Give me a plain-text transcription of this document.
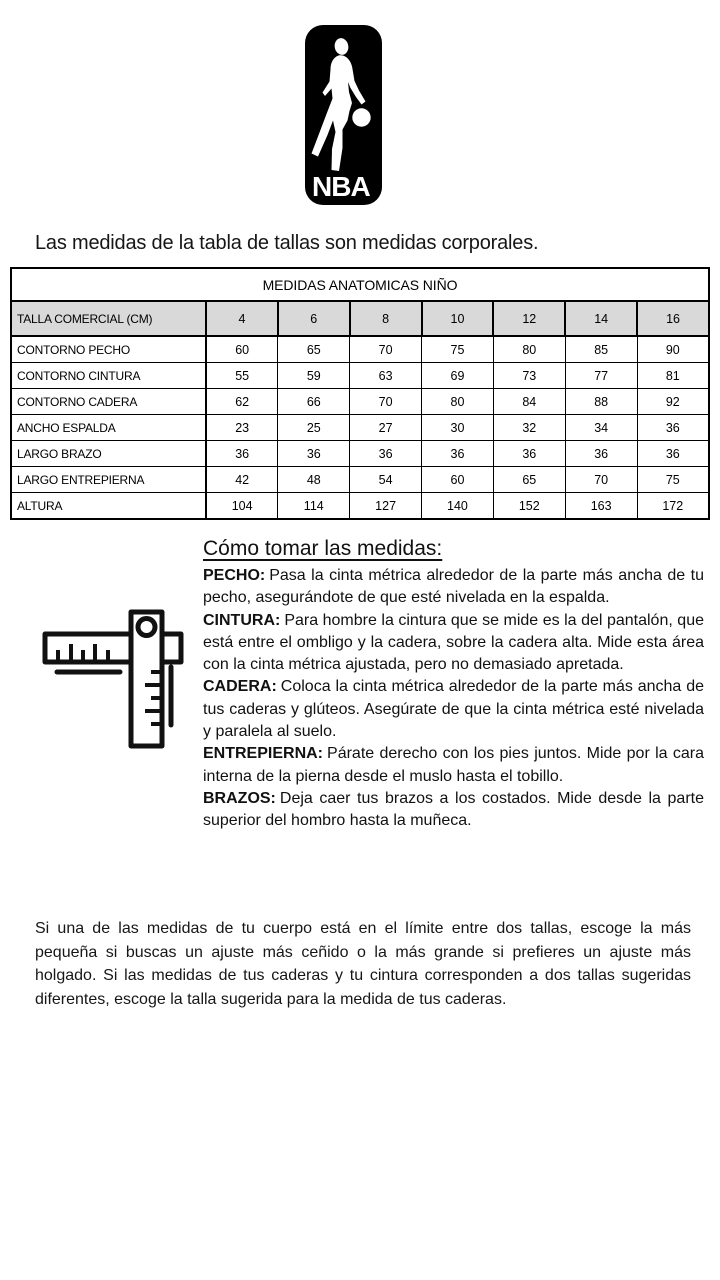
NBA
Las medidas de la tabla de tallas son medidas corporales.
MEDIDAS ANATOMICAS NIÑO							
TALLA COMERCIAL (CM)	4	6	8	10	12	14	16
CONTORNO PECHO	60	65	70	75	80	85	90
CONTORNO CINTURA	55	59	63	69	73	77	81
CONTORNO CADERA	62	66	70	80	84	88	92
ANCHO ESPALDA	23	25	27	30	32	34	36
LARGO BRAZO	36	36	36	36	36	36	36
LARGO ENTREPIERNA	42	48	54	60	65	70	75
ALTURA	104	114	127	140	152	163	172
Cómo tomar las medidas:

PECHO: Pasa la cinta métrica alrededor de la parte más ancha de tu pecho, asegurándote de que esté nivelada en la espalda.

CINTURA: Para hombre la cintura que se mide es la del pantalón, que está entre el ombligo y la cadera, sobre la cadera alta. Mide esta área con la cinta métrica ajustada, pero no demasiado apretada.

CADERA: Coloca la cinta métrica alrededor de la parte más ancha de tus caderas y glúteos. Asegúrate de que la cinta métrica esté nivelada y paralela al suelo.

ENTREPIERNA: Párate derecho con los pies juntos. Mide por la cara interna de la pierna desde el muslo hasta el tobillo.

BRAZOS: Deja caer tus brazos a los costados. Mide desde la parte superior del hombro hasta la muñeca.

Si una de las medidas de tu cuerpo está en el límite entre dos tallas, escoge la más pequeña si buscas un ajuste más ceñido o la más grande si prefieres un ajuste más holgado. Si las medidas de tus caderas y tu cintura corresponden a dos tallas sugeridas diferentes, escoge la talla sugerida para la medida de tus caderas.
